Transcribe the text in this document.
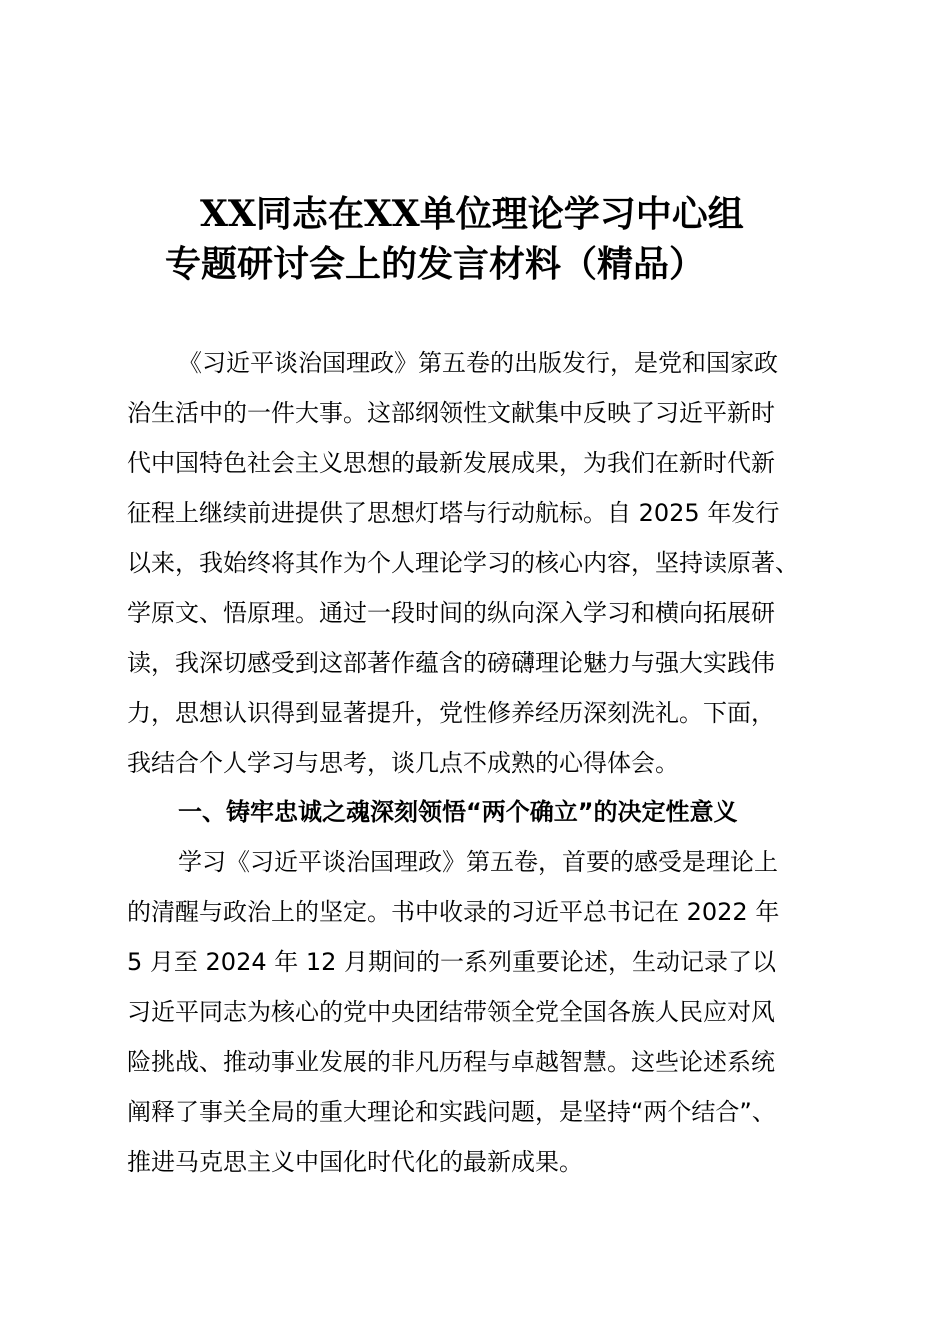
XX同志在XX单位理论学习中心组
专题研讨会上的发言材料（精品）
《习近平谈治国理政》第五卷的出版发行，是党和国家政
治生活中的一件大事。这部纲领性文献集中反映了习近平新时
代中国特色社会主义思想的最新发展成果，为我们在新时代新
征程上继续前进提供了思想灯塔与行动航标。自 2025 年发行
以来，我始终将其作为个人理论学习的核心内容，坚持读原著、
学原文、悟原理。通过一段时间的纵向深入学习和横向拓展研
读，我深切感受到这部著作蕴含的磅礴理论魅力与强大实践伟
力，思想认识得到显著提升，党性修养经历深刻洗礼。下面，
我结合个人学习与思考，谈几点不成熟的心得体会。
一、铸牢忠诚之魂深刻领悟“两个确立”的决定性意义
学习《习近平谈治国理政》第五卷，首要的感受是理论上
的清醒与政治上的坚定。书中收录的习近平总书记在 2022 年
5 月至 2024 年 12 月期间的一系列重要论述，生动记录了以
习近平同志为核心的党中央团结带领全党全国各族人民应对风
险挑战、推动事业发展的非凡历程与卓越智慧。这些论述系统
阐释了事关全局的重大理论和实践问题，是坚持“两个结合”、
推进马克思主义中国化时代化的最新成果。
